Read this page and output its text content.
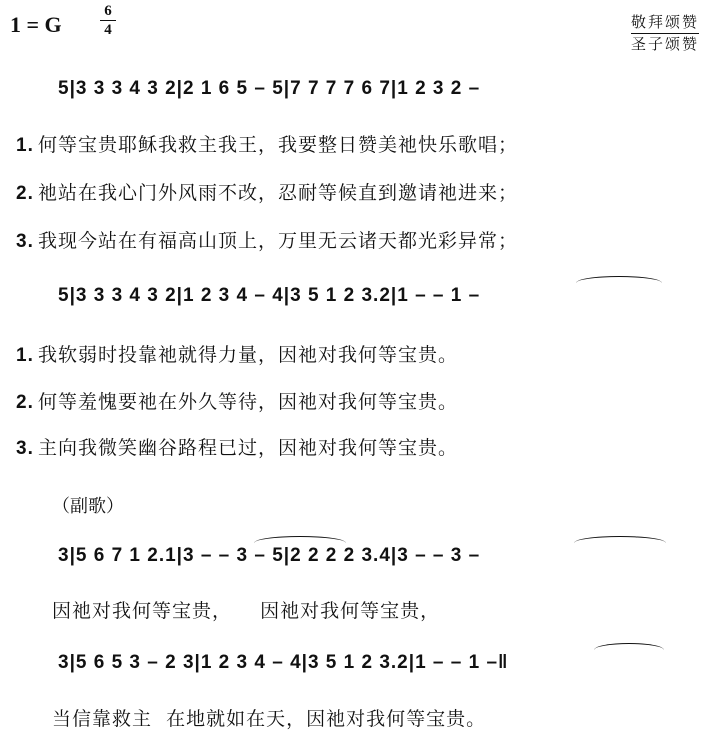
1 = G
6
4	敬拜颂赞
圣子颂赞
5|3 3 3 4 3 2|2 1 6 5 – 5|7 7 7 7 6 7|1 2 3 2 –
1. 何等宝贵耶稣我救主我王，我要整日赞美祂快乐歌唱；
2. 祂站在我心门外风雨不改，忍耐等候直到邀请祂进来；
3. 我现今站在有福高山顶上，万里无云诸天都光彩异常；
5|3 3 3 4 3 2|1 2 3 4 – 4|3 5 1 2 3.2|1 – – 1 –
1. 我软弱时投靠祂就得力量，因祂对我何等宝贵。
2. 何等羞愧要祂在外久等待，因祂对我何等宝贵。
3. 主向我微笑幽谷路程已过，因祂对我何等宝贵。
（副歌）
3|5 6 7 1 2.1|3 – – 3 – 5|2 2 2 2 3.4|3 – – 3 –
因祂对我何等宝贵，    因祂对我何等宝贵，
3|5 6 5 3 – 2 3|1 2 3 4 – 4|3 5 1 2 3.2|1 – – 1 –‖
当信靠救主  在地就如在天，因祂对我何等宝贵。
